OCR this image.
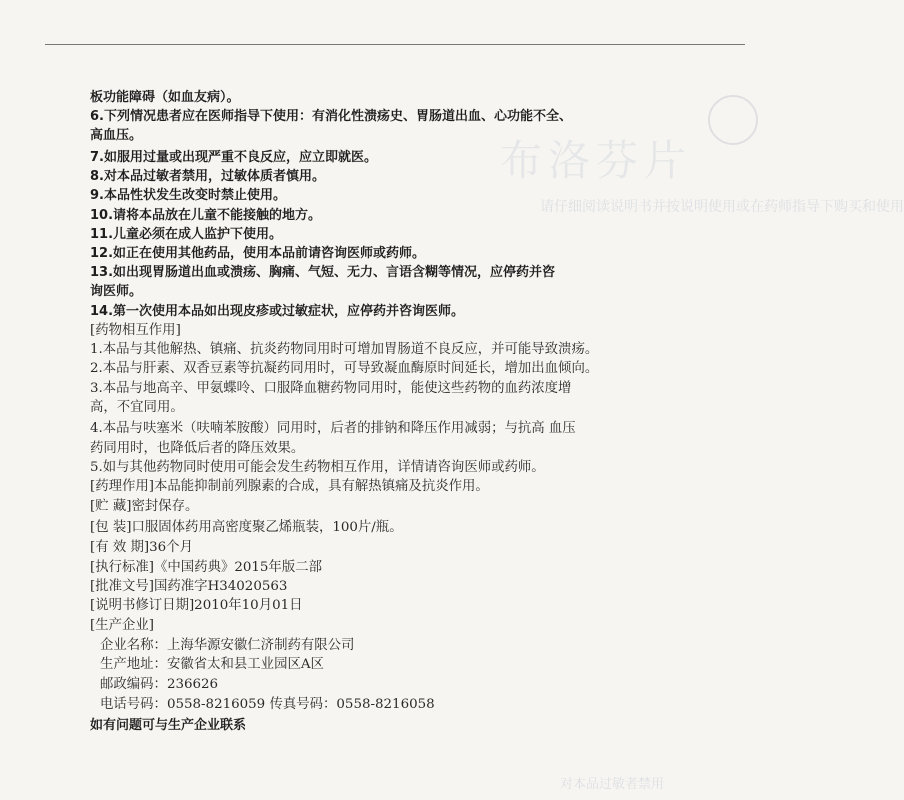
布洛芬片
请仔细阅读说明书并按说明使用或在药师指导下购买和使用
对本品过敏者禁用
板功能障碍（如血友病）。
6.下列情况患者应在医师指导下使用：有消化性溃疡史、胃肠道出血、心功能不全、
高血压。
7.如服用过量或出现严重不良反应，应立即就医。
8.对本品过敏者禁用，过敏体质者慎用。
9.本品性状发生改变时禁止使用。
10.请将本品放在儿童不能接触的地方。
11.儿童必须在成人监护下使用。
12.如正在使用其他药品，使用本品前请咨询医师或药师。
13.如出现胃肠道出血或溃疡、胸痛、气短、无力、言语含糊等情况，应停药并咨
询医师。
14.第一次使用本品如出现皮疹或过敏症状，应停药并咨询医师。
[药物相互作用]
1.本品与其他解热、镇痛、抗炎药物同用时可增加胃肠道不良反应，并可能导致溃疡。
2.本品与肝素、双香豆素等抗凝药同用时，可导致凝血酶原时间延长，增加出血倾向。
3.本品与地高辛、甲氨蝶呤、口服降血糖药物同用时，能使这些药物的血药浓度增
高，不宜同用。
4.本品与呋塞米（呋喃苯胺酸）同用时，后者的排钠和降压作用减弱；与抗高 血压
药同用时，也降低后者的降压效果。
5.如与其他药物同时使用可能会发生药物相互作用，详情请咨询医师或药师。
[药理作用]本品能抑制前列腺素的合成，具有解热镇痛及抗炎作用。
[贮 藏]密封保存。
[包 装]口服固体药用高密度聚乙烯瓶装，100片/瓶。
[有 效 期]36个月
[执行标准]《中国药典》2015年版二部
[批准文号]国药准字H34020563
[说明书修订日期]2010年10月01日
[生产企业]
企业名称：上海华源安徽仁济制药有限公司
生产地址：安徽省太和县工业园区A区
邮政编码：236626
电话号码：0558-8216059 传真号码：0558-8216058
如有问题可与生产企业联系
